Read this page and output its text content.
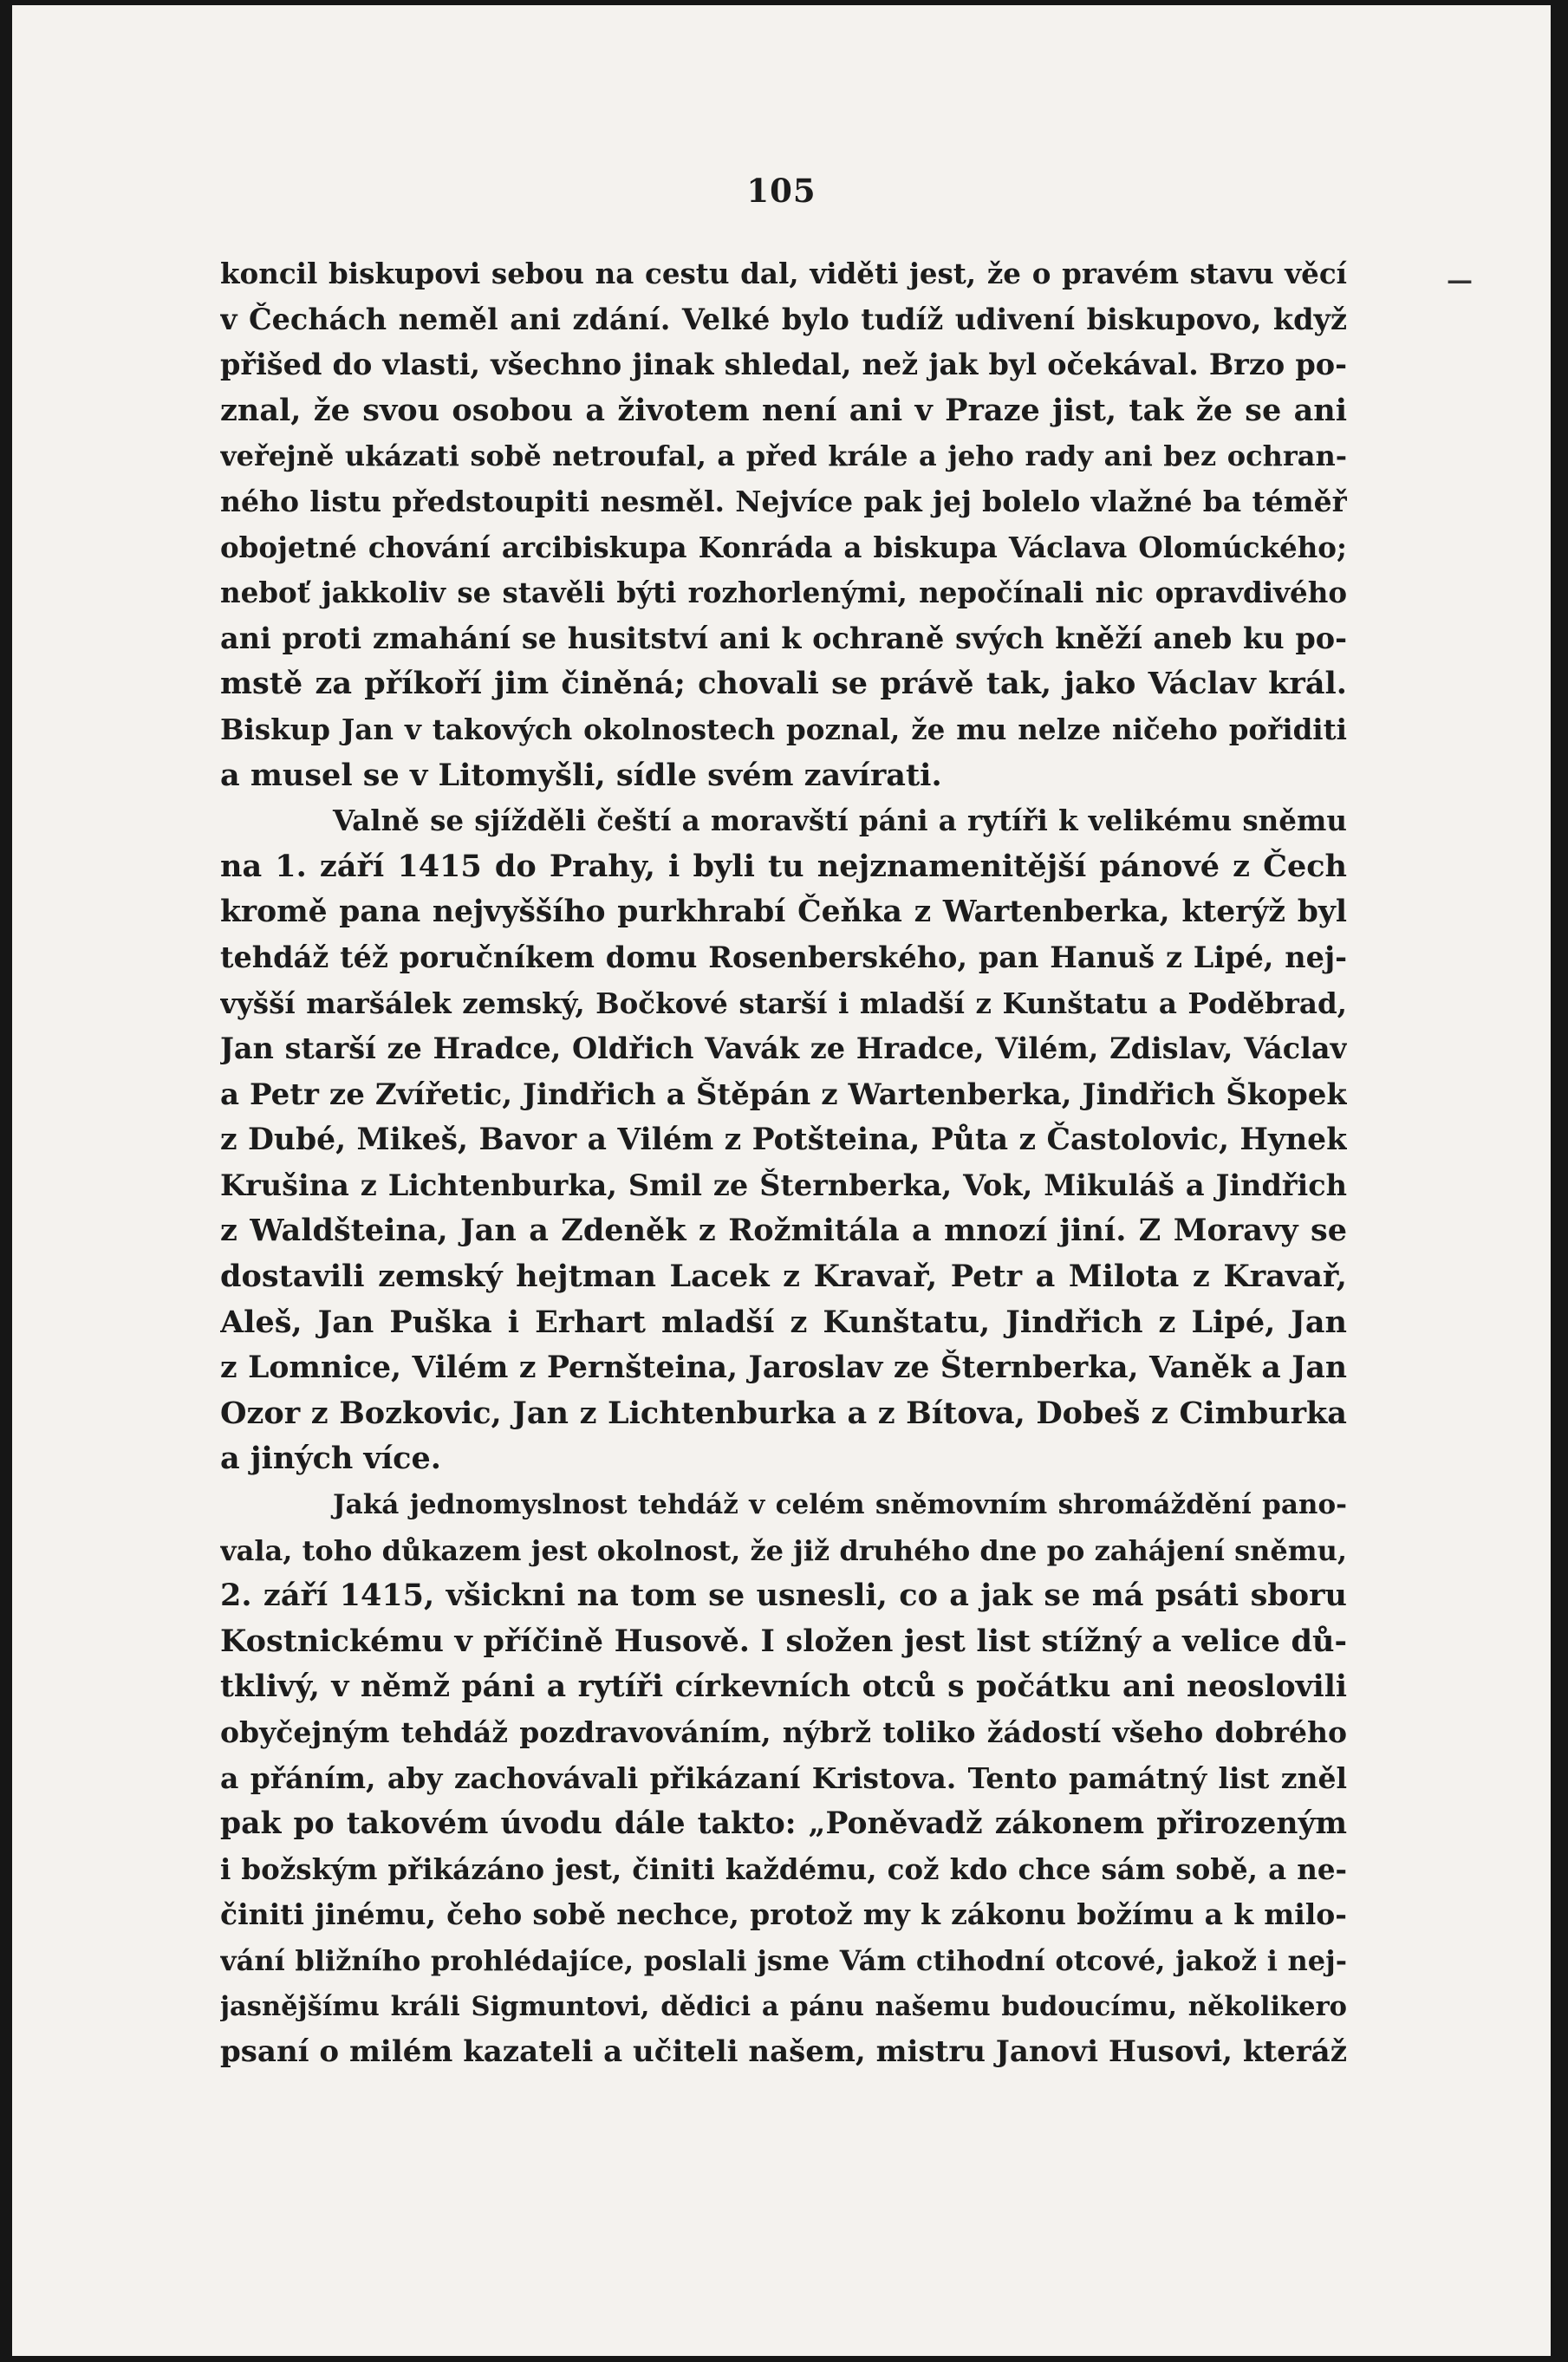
105
—
koncil biskupovi sebou na cestu dal, viděti jest, že o pravém stavu věcí
v Čechách neměl ani zdání. Velké bylo tudíž udivení biskupovo, když
přišed do vlasti, všechno jinak shledal, než jak byl očekával. Brzo po-
znal, že svou osobou a životem není ani v Praze jist, tak že se ani
veřejně ukázati sobě netroufal, a před krále a jeho rady ani bez ochran-
ného listu předstoupiti nesměl. Nejvíce pak jej bolelo vlažné ba téměř
obojetné chování arcibiskupa Konráda a biskupa Václava Olomúckého;
neboť jakkoliv se stavěli býti rozhorlenými, nepočínali nic opravdivého
ani proti zmahání se husitství ani k ochraně svých kněží aneb ku po-
mstě za příkoří jim činěná; chovali se právě tak, jako Václav král.
Biskup Jan v takových okolnostech poznal, že mu nelze ničeho pořiditi
a musel se v Litomyšli, sídle svém zavírati.
Valně se sjížděli čeští a moravští páni a rytíři k velikému sněmu
na 1. září 1415 do Prahy, i byli tu nejznamenitější pánové z Čech
kromě pana nejvyššího purkhrabí Čeňka z Wartenberka, kterýž byl
tehdáž též poručníkem domu Rosenberského, pan Hanuš z Lipé, nej-
vyšší maršálek zemský, Bočkové starší i mladší z Kunštatu a Poděbrad,
Jan starší ze Hradce, Oldřich Vavák ze Hradce, Vilém, Zdislav, Václav
a Petr ze Zvířetic, Jindřich a Štěpán z Wartenberka, Jindřich Škopek
z Dubé, Mikeš, Bavor a Vilém z Potšteina, Půta z Častolovic, Hynek
Krušina z Lichtenburka, Smil ze Šternberka, Vok, Mikuláš a Jindřich
z Waldšteina, Jan a Zdeněk z Rožmitála a mnozí jiní. Z Moravy se
dostavili zemský hejtman Lacek z Kravař, Petr a Milota z Kravař,
Aleš, Jan Puška i Erhart mladší z Kunštatu, Jindřich z Lipé, Jan
z Lomnice, Vilém z Pernšteina, Jaroslav ze Šternberka, Vaněk a Jan
Ozor z Bozkovic, Jan z Lichtenburka a z Bítova, Dobeš z Cimburka
a jiných více.
Jaká jednomyslnost tehdáž v celém sněmovním shromáždění pano-
vala, toho důkazem jest okolnost, že již druhého dne po zahájení sněmu,
2. září 1415, všickni na tom se usnesli, co a jak se má psáti sboru
Kostnickému v příčině Husově. I složen jest list stížný a velice dů-
tklivý, v němž páni a rytíři církevních otců s počátku ani neoslovili
obyčejným tehdáž pozdravováním, nýbrž toliko žádostí všeho dobrého
a přáním, aby zachovávali přikázaní Kristova. Tento památný list zněl
pak po takovém úvodu dále takto: „Poněvadž zákonem přirozeným
i božským přikázáno jest, činiti každému, což kdo chce sám sobě, a ne-
činiti jinému, čeho sobě nechce, protož my k zákonu božímu a k milo-
vání bližního prohlédajíce, poslali jsme Vám ctihodní otcové, jakož i nej-
jasnějšímu králi Sigmuntovi, dědici a pánu našemu budoucímu, několikero
psaní o milém kazateli a učiteli našem, mistru Janovi Husovi, kteráž
